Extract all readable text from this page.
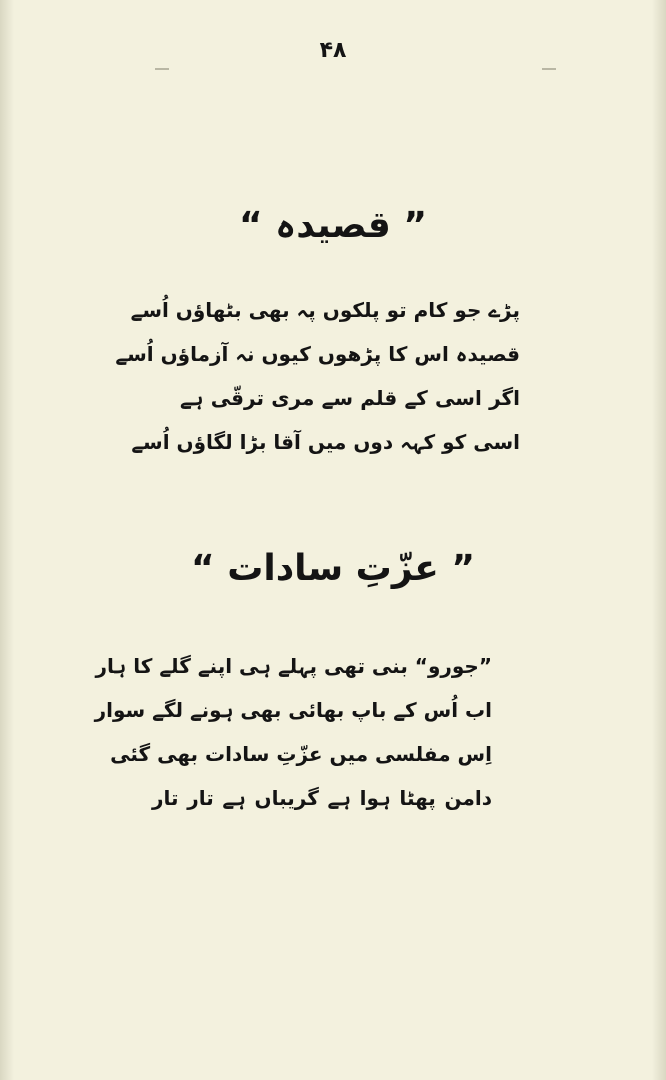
۴۸
” قصیدہ “
پڑے جو کام تو پلکوں پہ بھی بٹھاؤں اُسے
قصیدہ اس کا پڑھوں کیوں نہ آزماؤں اُسے
اگر اسی کے قلم سے مری ترقّی ہے
اسی کو کہہ دوں میں آقا بڑا لگاؤں اُسے
” عزّتِ سادات “
”جورو“ بنی تھی پہلے ہی اپنے گلے کا ہار
اب اُس کے باپ بھائی بھی ہونے لگے سوار
اِس مفلسی میں عزّتِ سادات بھی گئی
دامن پھٹا ہوا ہے گریباں ہے تار تار
